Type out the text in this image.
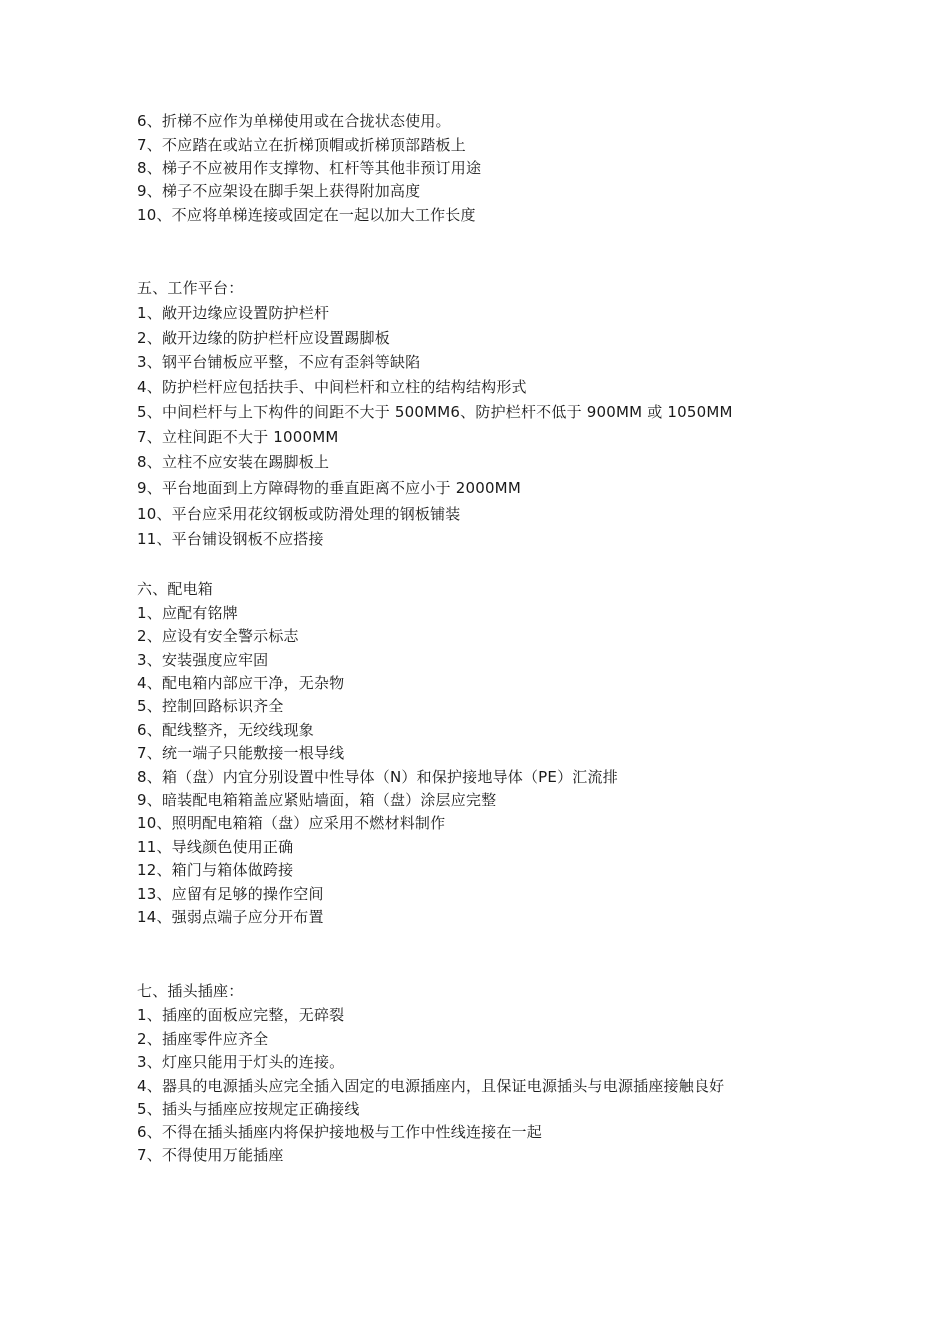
6、折梯不应作为单梯使用或在合拢状态使用。
7、不应踏在或站立在折梯顶帽或折梯顶部踏板上
8、梯子不应被用作支撑物、杠杆等其他非预订用途
9、梯子不应架设在脚手架上获得附加高度
10、不应将单梯连接或固定在一起以加大工作长度
五、工作平台：
1、敞开边缘应设置防护栏杆
2、敞开边缘的防护栏杆应设置踢脚板
3、钢平台铺板应平整，不应有歪斜等缺陷
4、防护栏杆应包括扶手、中间栏杆和立柱的结构结构形式
5、中间栏杆与上下构件的间距不大于 500MM6、防护栏杆不低于 900MM 或 1050MM
7、立柱间距不大于 1000MM
8、立柱不应安装在踢脚板上
9、平台地面到上方障碍物的垂直距离不应小于 2000MM
10、平台应采用花纹钢板或防滑处理的钢板铺装
11、平台铺设钢板不应搭接
六、配电箱
1、应配有铭牌
2、应设有安全警示标志
3、安装强度应牢固
4、配电箱内部应干净，无杂物
5、控制回路标识齐全
6、配线整齐，无绞线现象
7、统一端子只能敷接一根导线
8、箱（盘）内宜分别设置中性导体（N）和保护接地导体（PE）汇流排
9、暗装配电箱箱盖应紧贴墙面，箱（盘）涂层应完整
10、照明配电箱箱（盘）应采用不燃材料制作
11、导线颜色使用正确
12、箱门与箱体做跨接
13、应留有足够的操作空间
14、强弱点端子应分开布置
七、插头插座：
1、插座的面板应完整，无碎裂
2、插座零件应齐全
3、灯座只能用于灯头的连接。
4、器具的电源插头应完全插入固定的电源插座内，且保证电源插头与电源插座接触良好
5、插头与插座应按规定正确接线
6、不得在插头插座内将保护接地极与工作中性线连接在一起
7、不得使用万能插座
